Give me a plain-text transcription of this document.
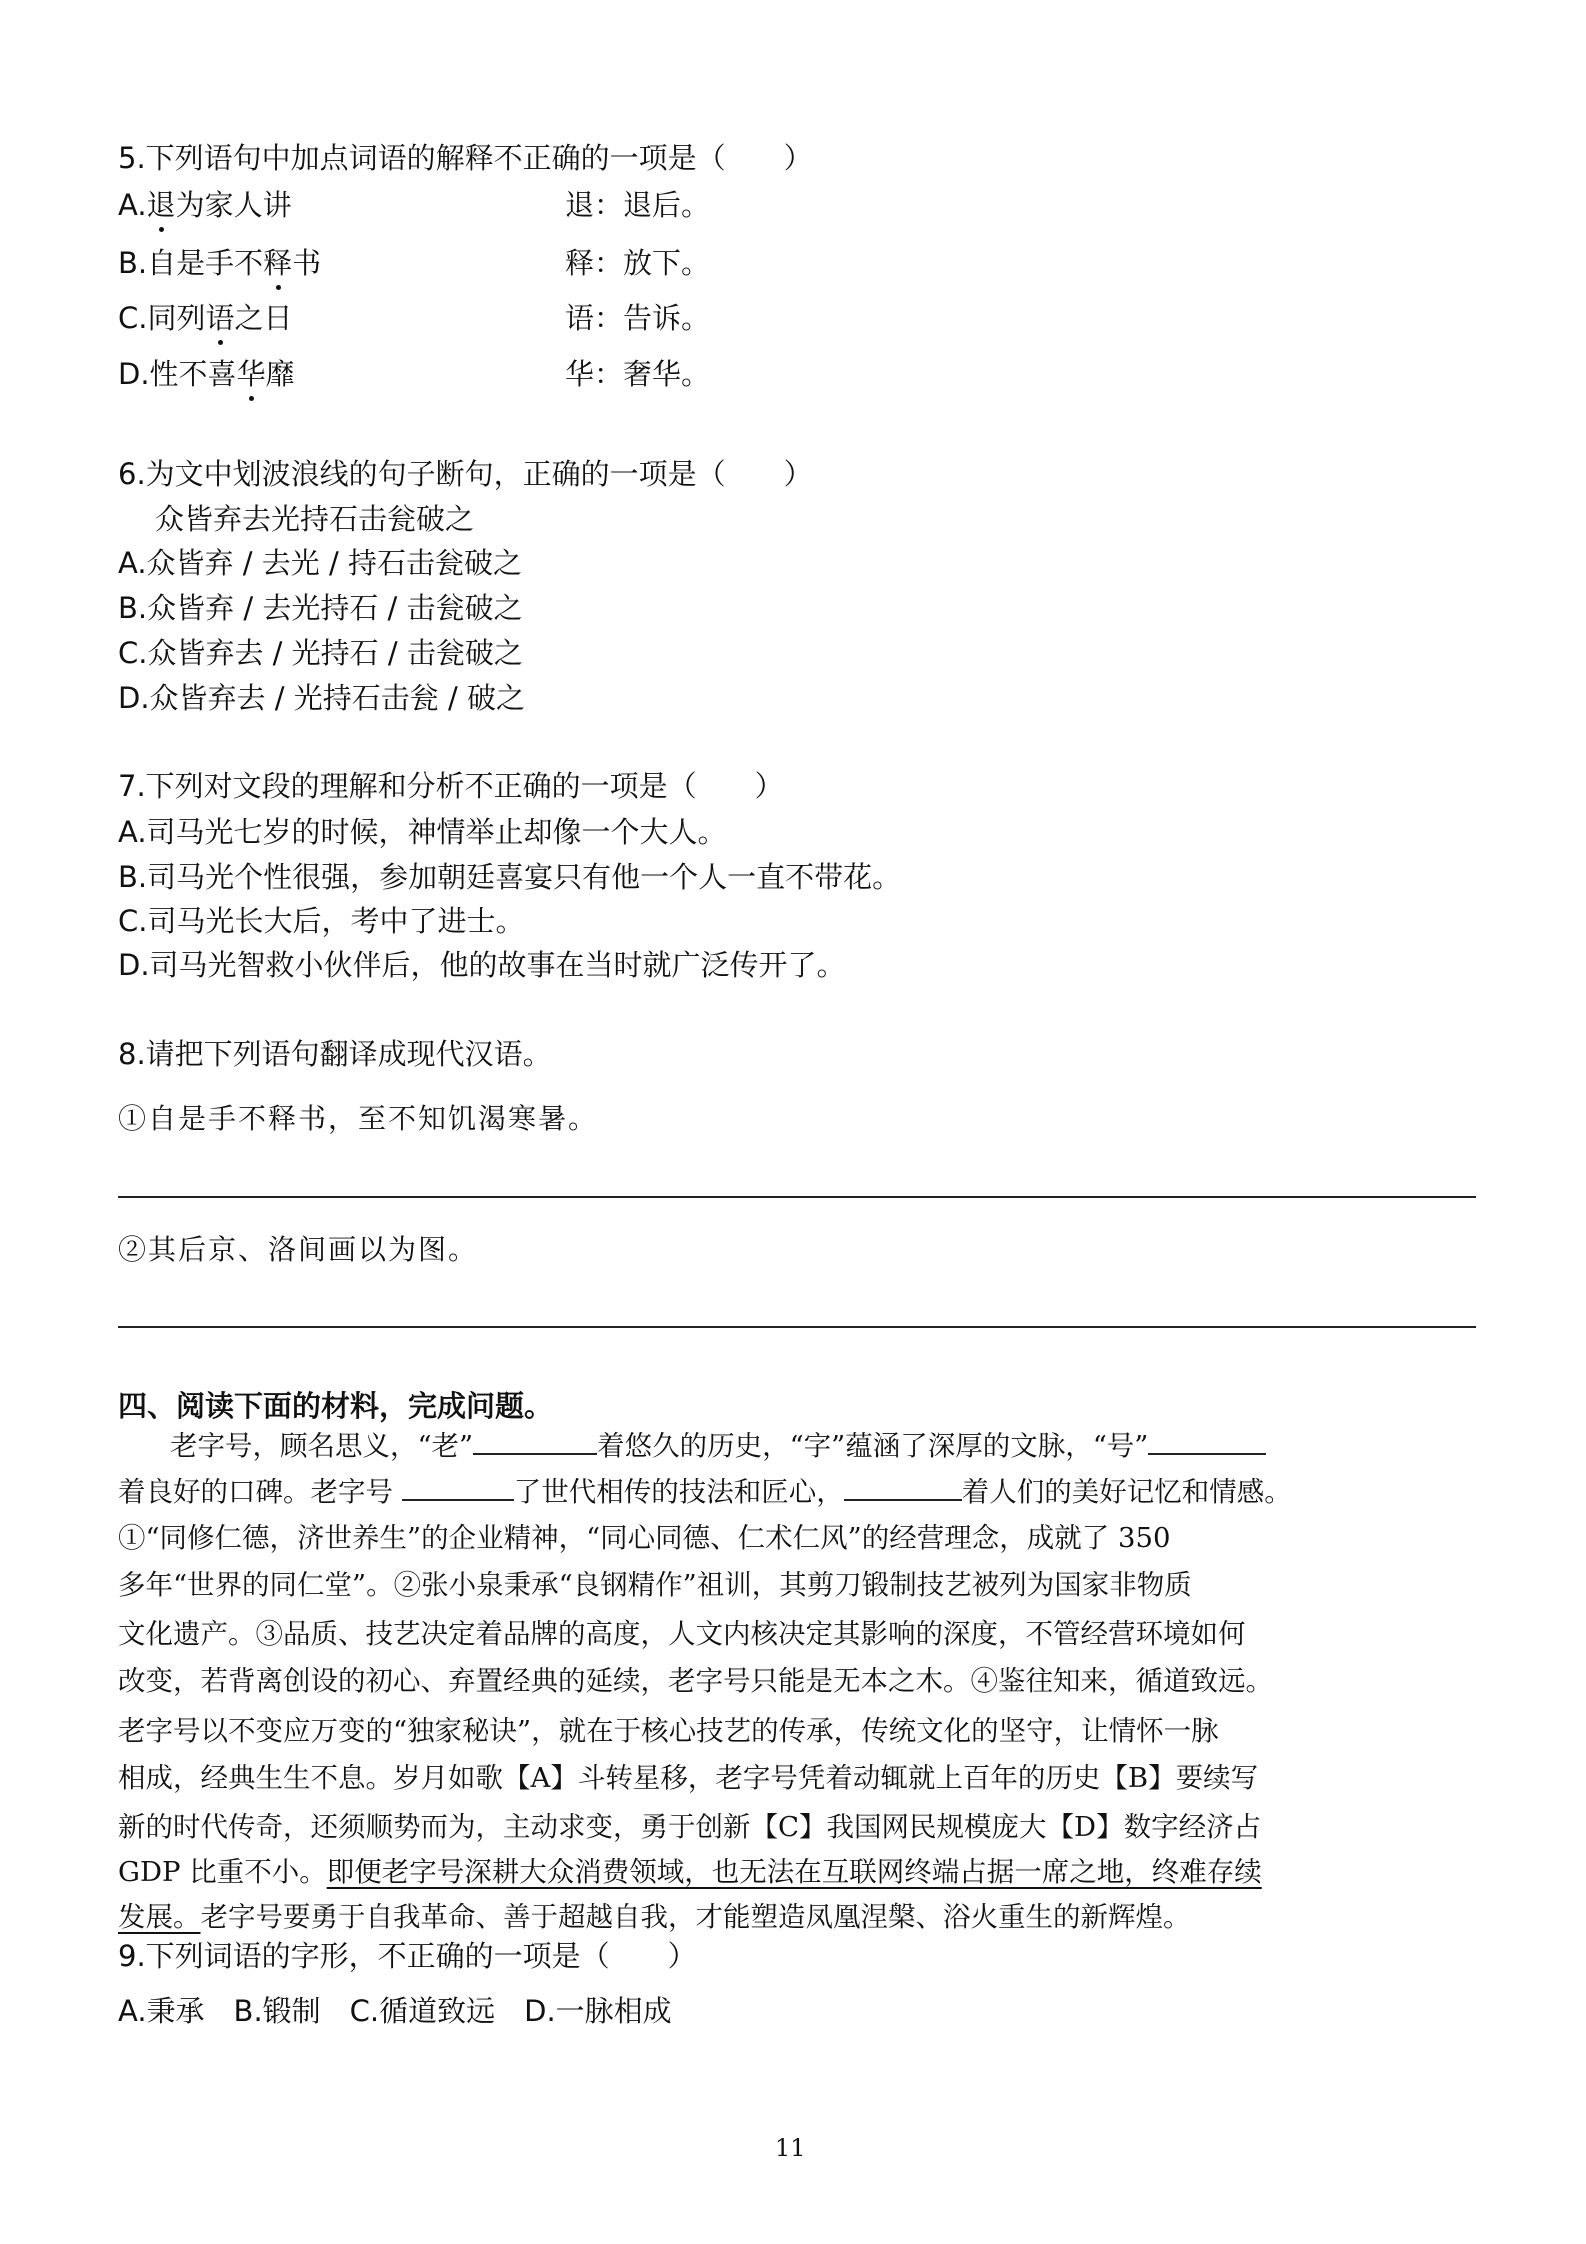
5.下列语句中加点词语的解释不正确的一项是（　　）
A.退为家人讲	退：退后。
B.自是手不释书	释：放下。
C.同列语之日	语：告诉。
D.性不喜华靡	华：奢华。
6.为文中划波浪线的句子断句，正确的一项是（　　）
众皆弃去光持石击瓮破之
A.众皆弃 / 去光 / 持石击瓮破之
B.众皆弃 / 去光持石 / 击瓮破之
C.众皆弃去 / 光持石 / 击瓮破之
D.众皆弃去 / 光持石击瓮 / 破之
7.下列对文段的理解和分析不正确的一项是（　　）
A.司马光七岁的时候，神情举止却像一个大人。
B.司马光个性很强，参加朝廷喜宴只有他一个人一直不带花。
C.司马光长大后，考中了进士。
D.司马光智救小伙伴后，他的故事在当时就广泛传开了。
8.请把下列语句翻译成现代汉语。
①自是手不释书，至不知饥渴寒暑。
②其后京、洛间画以为图。
四、阅读下面的材料，完成问题。
老字号，顾名思义，“老”	着悠久的历史，“字”蕴涵了深厚的文脉，“号”
着良好的口碑。老字号	了世代相传的技法和匠心，	着人们的美好记忆和情感。
①“同修仁德，济世养生”的企业精神，“同心同德、仁术仁风”的经营理念，成就了 350
多年“世界的同仁堂”。②张小泉秉承“良钢精作”祖训，其剪刀锻制技艺被列为国家非物质
文化遗产。③品质、技艺决定着品牌的高度，人文内核决定其影响的深度，不管经营环境如何
改变，若背离创设的初心、弃置经典的延续，老字号只能是无本之木。④鉴往知来，循道致远。
老字号以不变应万变的“独家秘诀”，就在于核心技艺的传承，传统文化的坚守，让情怀一脉
相成，经典生生不息。岁月如歌【A】斗转星移，老字号凭着动辄就上百年的历史【B】要续写
新的时代传奇，还须顺势而为，主动求变，勇于创新【C】我国网民规模庞大【D】数字经济占
GDP 比重不小。即便老字号深耕大众消费领域，也无法在互联网终端占据一席之地，终难存续
发展。老字号要勇于自我革命、善于超越自我，才能塑造凤凰涅槃、浴火重生的新辉煌。
9.下列词语的字形，不正确的一项是（　　）
A.秉承　B.锻制　C.循道致远　D.一脉相成
11
